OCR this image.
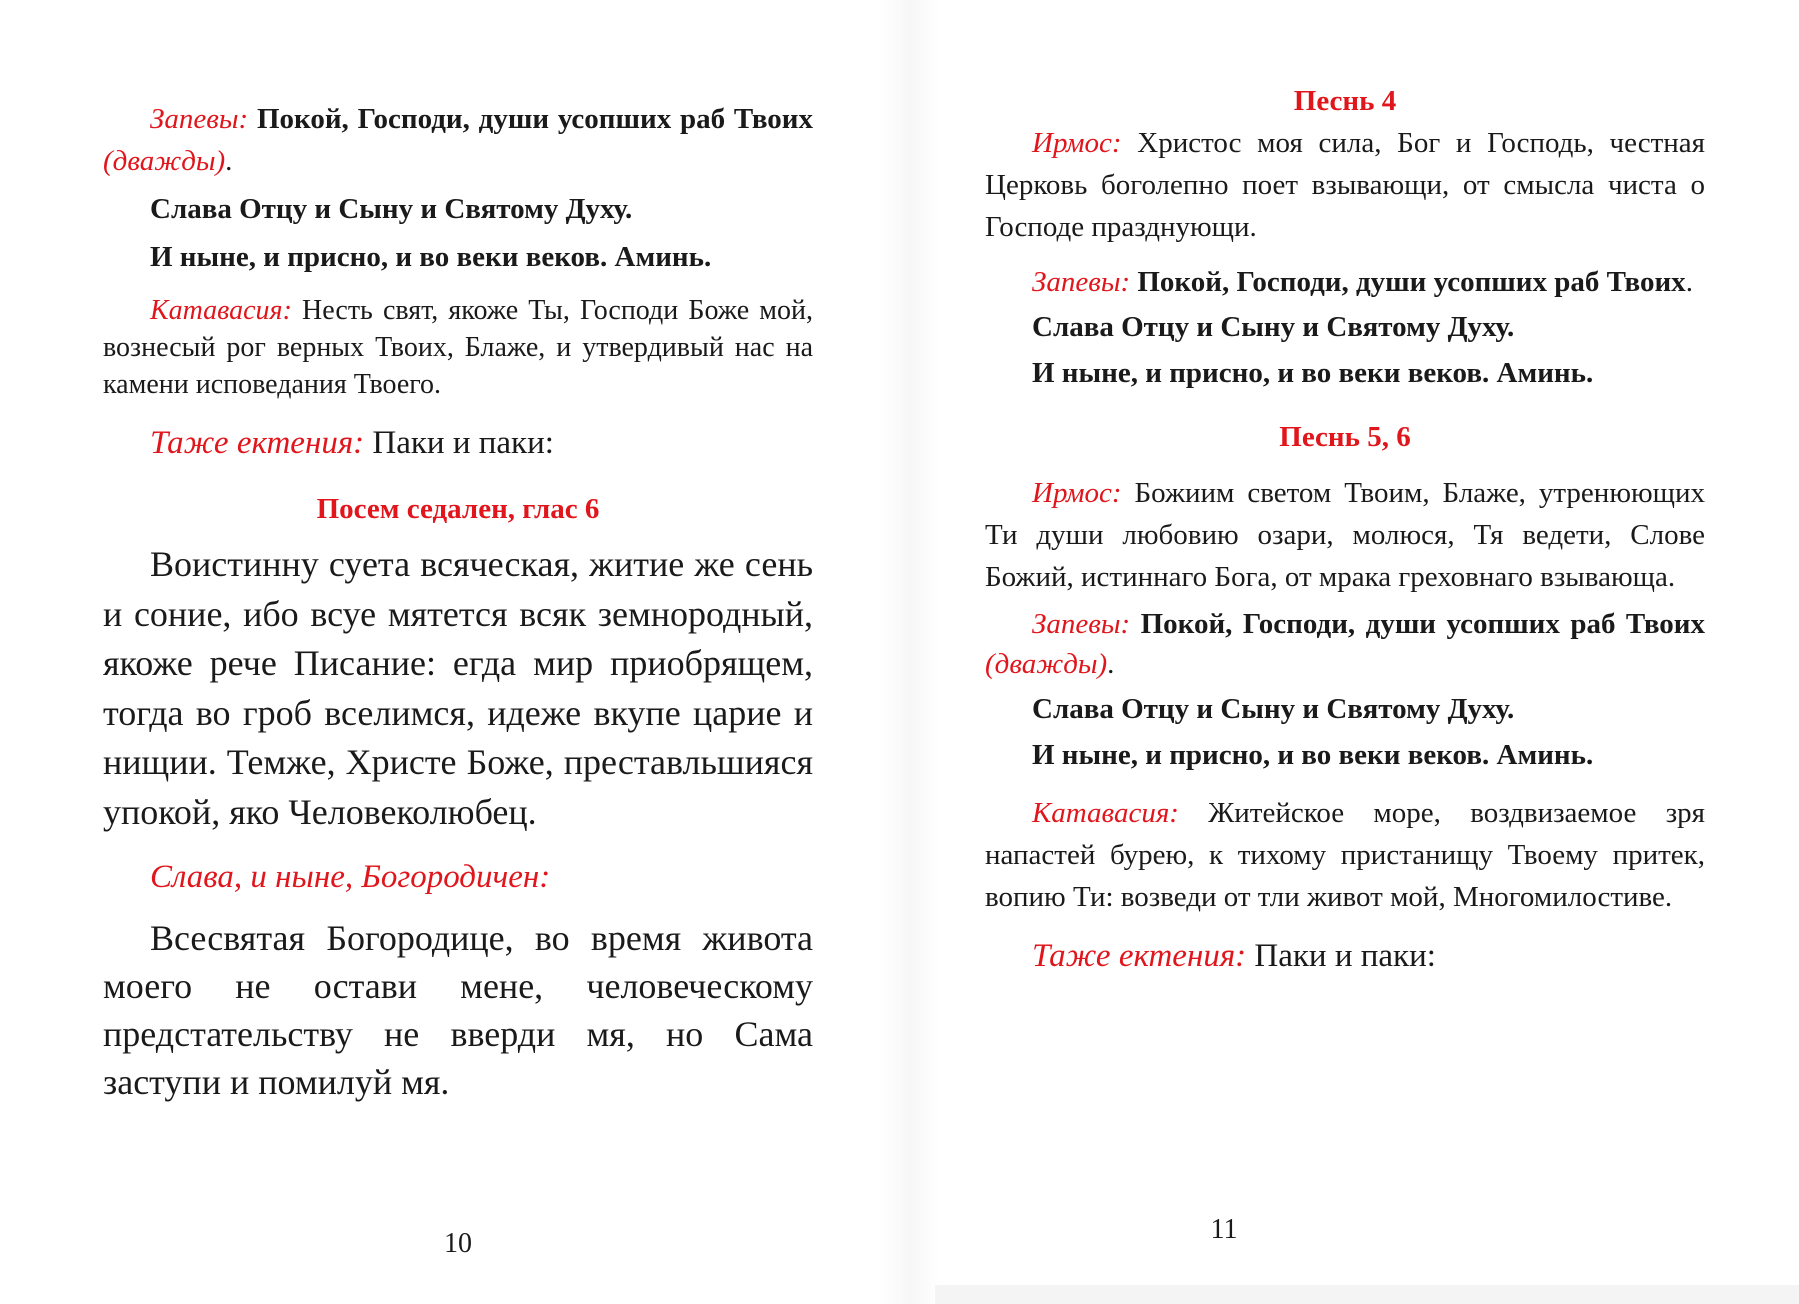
Запевы: Покой, Господи, души усопших раб Твоих (дважды).

Слава Отцу и Сыну и Святому Духу.

И ныне, и присно, и во веки веков. Аминь.

Катавасия: Несть свят, якоже Ты, Господи Боже мой, вознесый рог верных Твоих, Блаже, и утвердивый нас на камени исповедания Твоего.

Таже ектения: Паки и паки:

Посем седален, глас 6

Воистинну суета всяческая, житие же сень и соние, ибо всуе мятется всяк земнородный, якоже рече Писание: егда мир приобрящем, тогда во гроб вселимся, идеже вкупе царие и нищии. Темже, Христе Боже, преставльшияся упокой, яко Человеколюбец.

Слава, и ныне, Богородичен:

Всесвятая Богородице, во время живота моего не остави мене, человеческому предстательству не вверди мя, но Сама заступи и помилуй мя.

10

Песнь 4

Ирмос: Христос моя сила, Бог и Господь, честная Церковь боголепно поет взывающи, от смысла чиста о Господе празднующи.

Запевы: Покой, Господи, души усопших раб Твоих.

Слава Отцу и Сыну и Святому Духу.

И ныне, и присно, и во веки веков. Аминь.

Песнь 5, 6

Ирмос: Божиим светом Твоим, Блаже, утренюющих Ти души любовию озари, молюся, Тя ведети, Слове Божий, истиннаго Бога, от мрака греховнаго взывающа.

Запевы: Покой, Господи, души усопших раб Твоих (дважды).

Слава Отцу и Сыну и Святому Духу.

И ныне, и присно, и во веки веков. Аминь.

Катавасия: Житейское море, воздвизаемое зря напастей бурею, к тихому пристанищу Твоему притек, вопию Ти: возведи от тли живот мой, Многомилостиве.

Таже ектения: Паки и паки:

11
